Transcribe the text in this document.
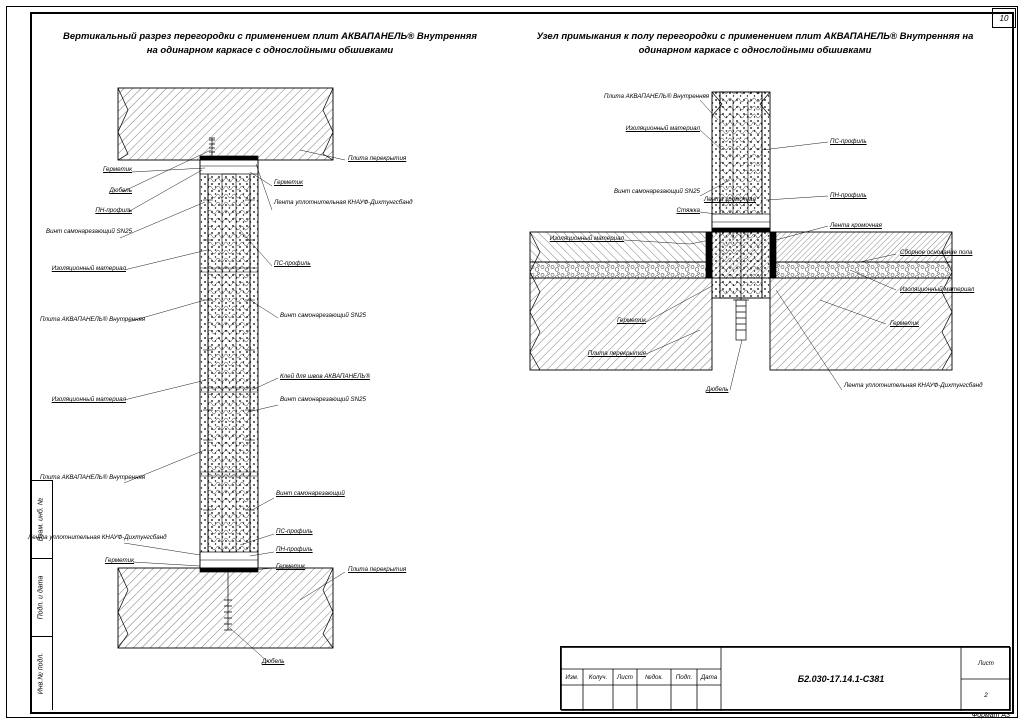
10
Взам. инб. №
Подп. и дата
Инв.№ подл.
Вертикальный разрез перегородки с применением плит АКВАПАНЕЛЬ® Внутренняя на одинарном каркасе с однослойными обшивками
Узел примыкания к полу перегородки с применением плит АКВАПАНЕЛЬ® Внутренняя на одинарном каркасе с однослойными обшивками
Герметик
Дюбель
ПН-профиль
Винт самонарезающий SN25
Изоляционный материал
Плита АКВАПАНЕЛЬ® Внутренняя
Изоляционный материал
Плита АКВАПАНЕЛЬ® Внутренняя
Лента уплотнительная КНАУФ-Дихтунгсбанд
Герметик
Плита перекрытия
Герметик
Лента уплотнительная КНАУФ-Дихтунгсбанд
ПС-профиль
Винт самонарезающий SN25
Клей для швов АКВАПАНЕЛЬ®
Винт самонарезающий SN25
Винт самонарезающий
ПС-профиль
ПН-профиль
Герметик	Плита перекрытия
Дюбель
Плита АКВАПАНЕЛЬ® Внутренняя
Изоляционный материал
Винт самонарезающий SN25
Стяжка
Лента кромочная
Изоляционный материал
Герметик
Плита перекрытия
Дюбель
ПС-профиль
ПН-профиль
Лента кромочная
Сборное основание пола
Изоляционный материал
Герметик
Лента уплотнительная КНАУФ-Дихтунгсбанд
Изм.	Колуч.	Лист	№док.	Подп.	Дата	Б2.030-17.14.1-С381
Лист
2
Формат А3
